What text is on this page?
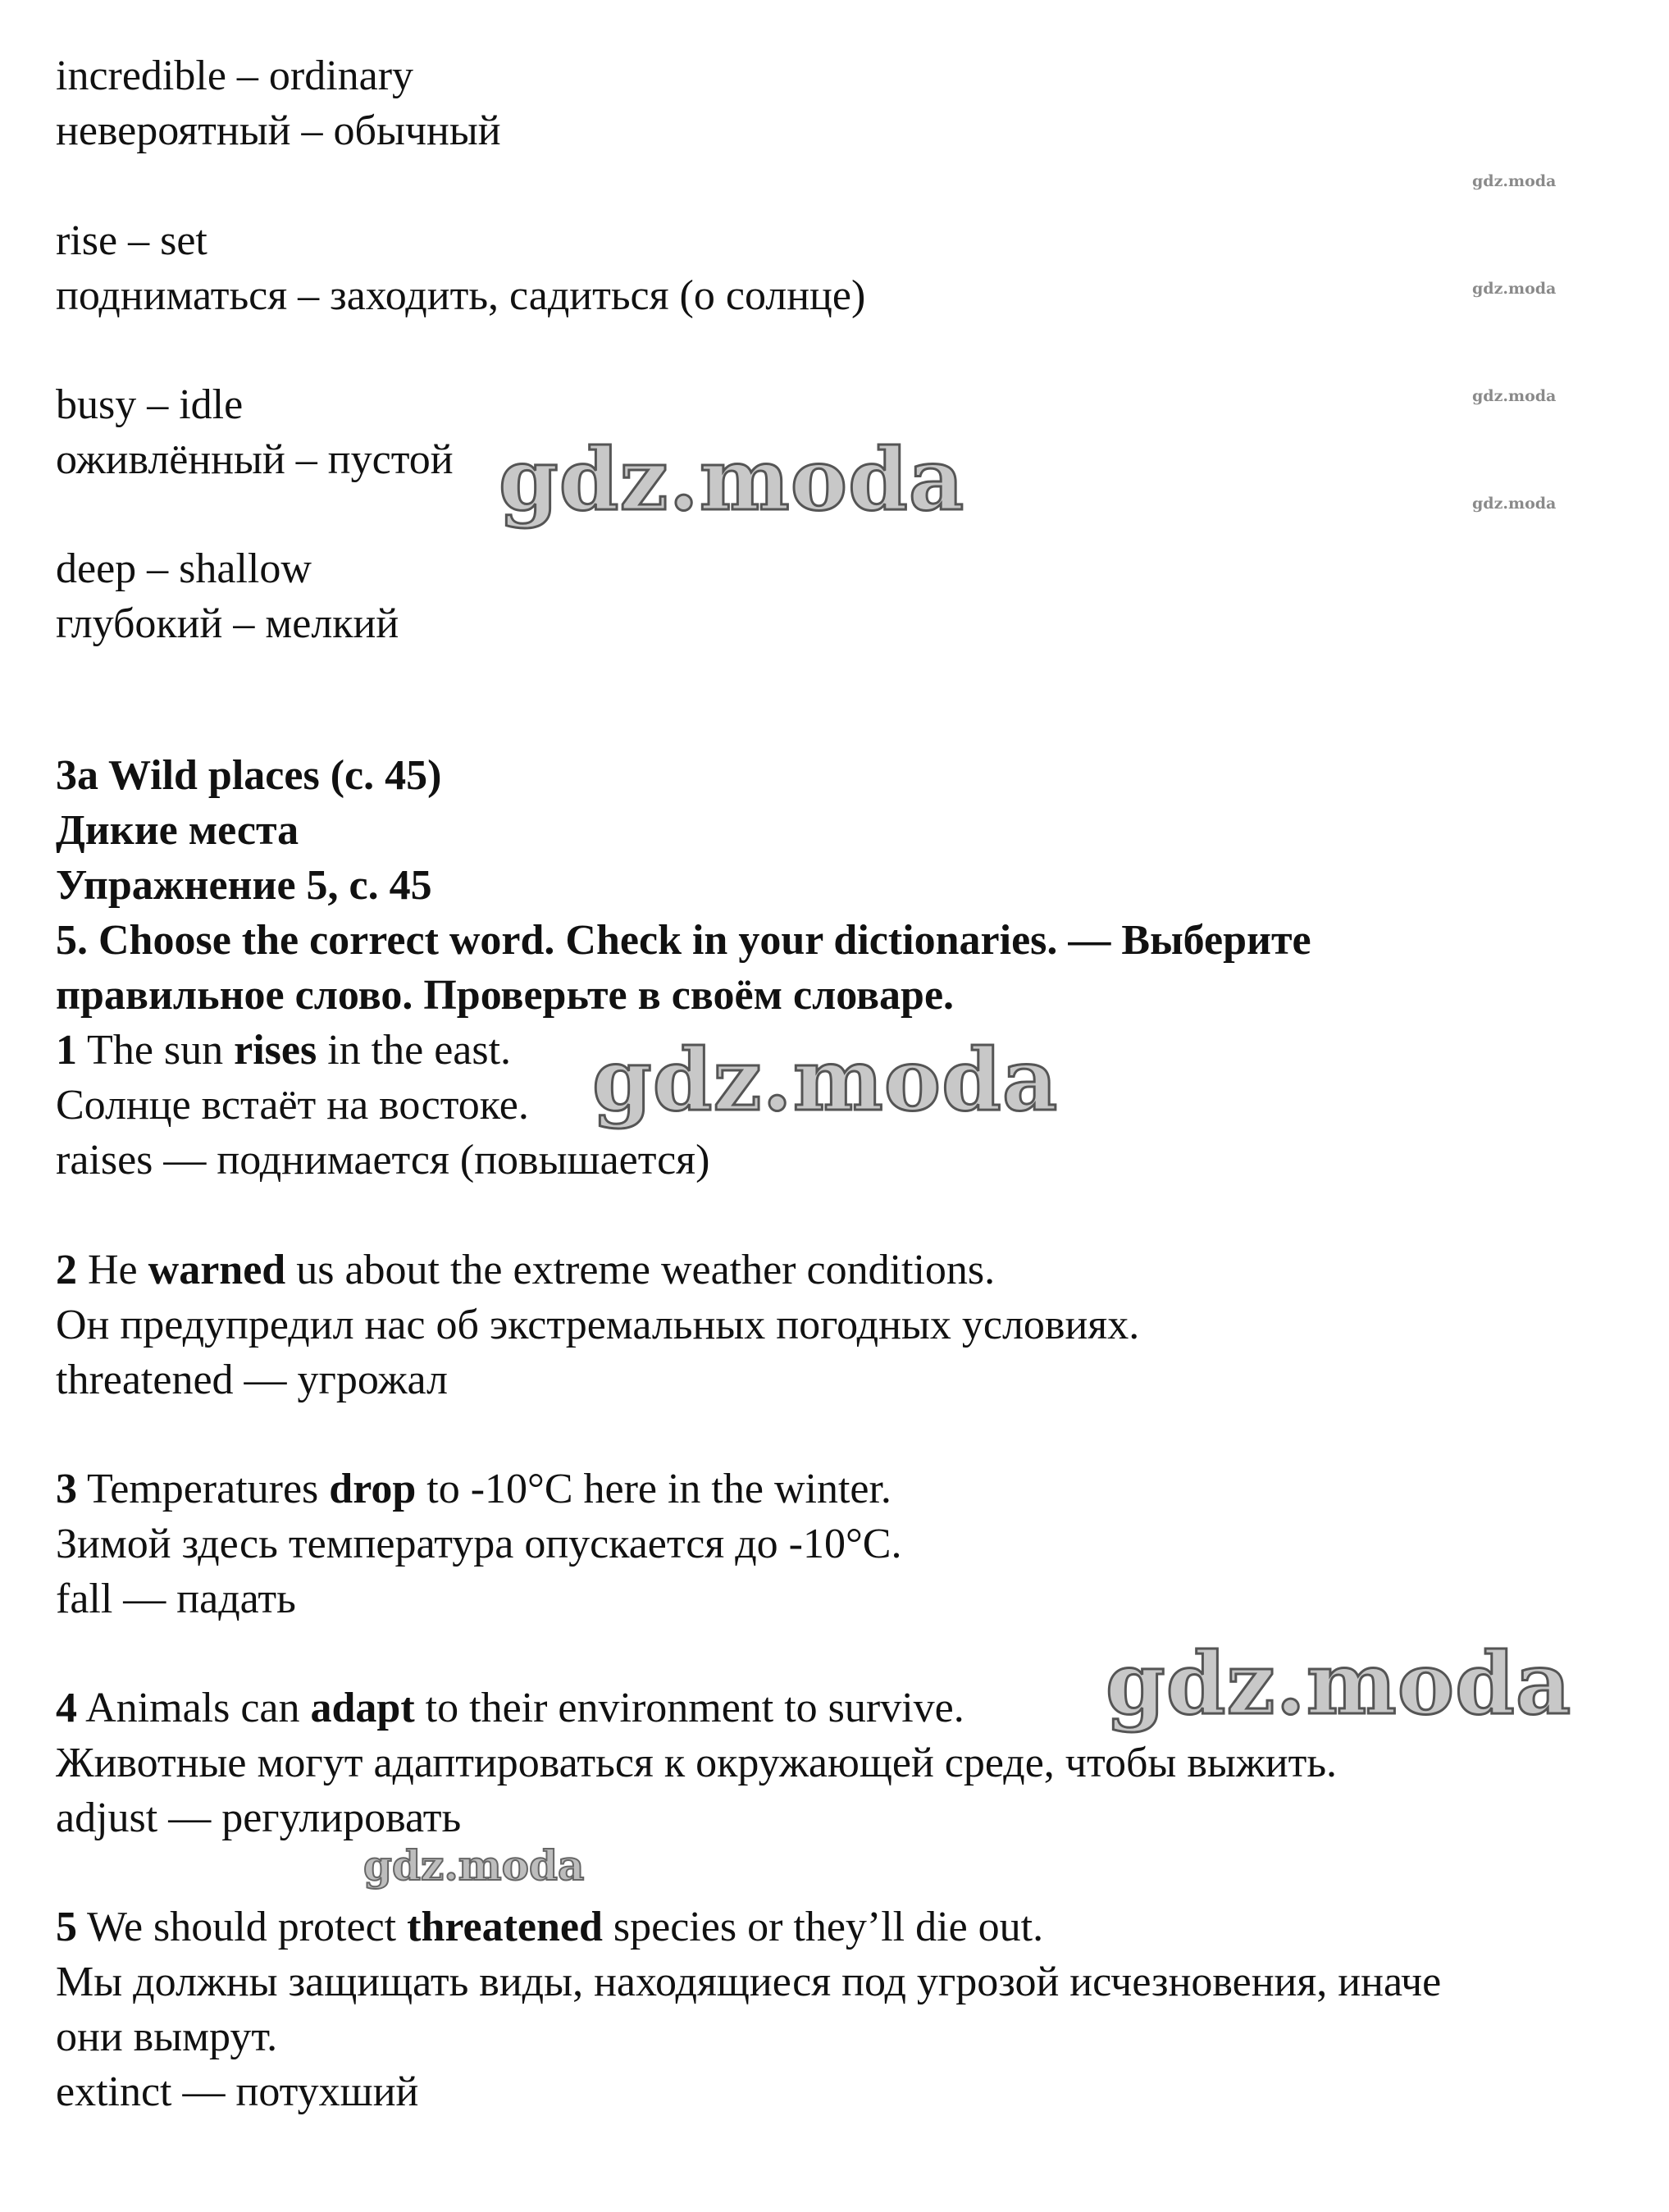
incredible – ordinary
невероятный – обычный
rise – set
подниматься – заходить, садиться (о солнце)
busy – idle
оживлённый – пустой
deep – shallow
глубокий – мелкий
3a Wild places (с. 45)
Дикие места
Упражнение 5, с. 45
5. Choose the correct word. Check in your dictionaries. — Выберите
правильное слово. Проверьте в своём словаре.
1 The sun rises in the east.
Солнце встаёт на востоке.
raises — поднимается (повышается)
2 He warned us about the extreme weather conditions.
Он предупредил нас об экстремальных погодных условиях.
threatened — угрожал
3 Temperatures drop to -10°C here in the winter.
Зимой здесь температура опускается до -10°C.
fall — падать
4 Animals can adapt to their environment to survive.
Животные могут адаптироваться к окружающей среде, чтобы выжить.
adjust — регулировать
5 We should protect threatened species or they’ll die out.
Мы должны защищать виды, находящиеся под угрозой исчезновения, иначе
они вымрут.
extinct — потухший
gdz.moda
gdz.moda
gdz.moda
gdz.moda
gdz.moda
gdz.moda
gdz.moda
gdz.moda
